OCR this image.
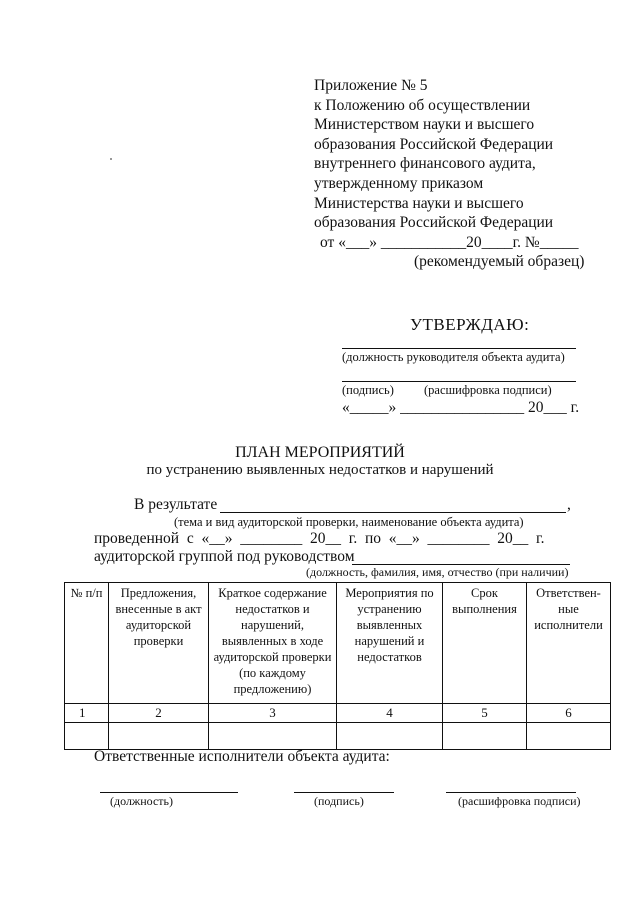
Приложение № 5
к Положению об осуществлении
Министерством науки и высшего
образования Российской Федерации
внутреннего финансового аудита,
утвержденному приказом
Министерства науки и высшего
образования Российской Федерации
от «___» ___________20____г. №_____
(рекомендуемый образец)
УТВЕРЖДАЮ:
(должность руководителя объекта аудита)
(подпись) (расшифровка подписи)
«_____» ________________ 20___ г.
ПЛАН МЕРОПРИЯТИЙ
по устранению выявленных недостатков и нарушений
В результате	,
(тема и вид аудиторской проверки, наименование объекта аудита)
проведенной  с  «__»  ________  20__  г.  по  «__»  ________  20__  г.
аудиторской группой под руководством
(должность, фамилия, имя, отчество (при наличии)
№ п/п	Предложения, внесенные в акт аудиторской проверки	Краткое содержание недостатков и нарушений, выявленных в ходе аудиторской проверки (по каждому предложению)	Мероприятия по устранению выявленных нарушений и недостатков	Срок выполнения	Ответствен-ные исполнители
1	2	3	4	5	6

Ответственные исполнители объекта аудита:
(должность)	(подпись)	(расшифровка подписи)
